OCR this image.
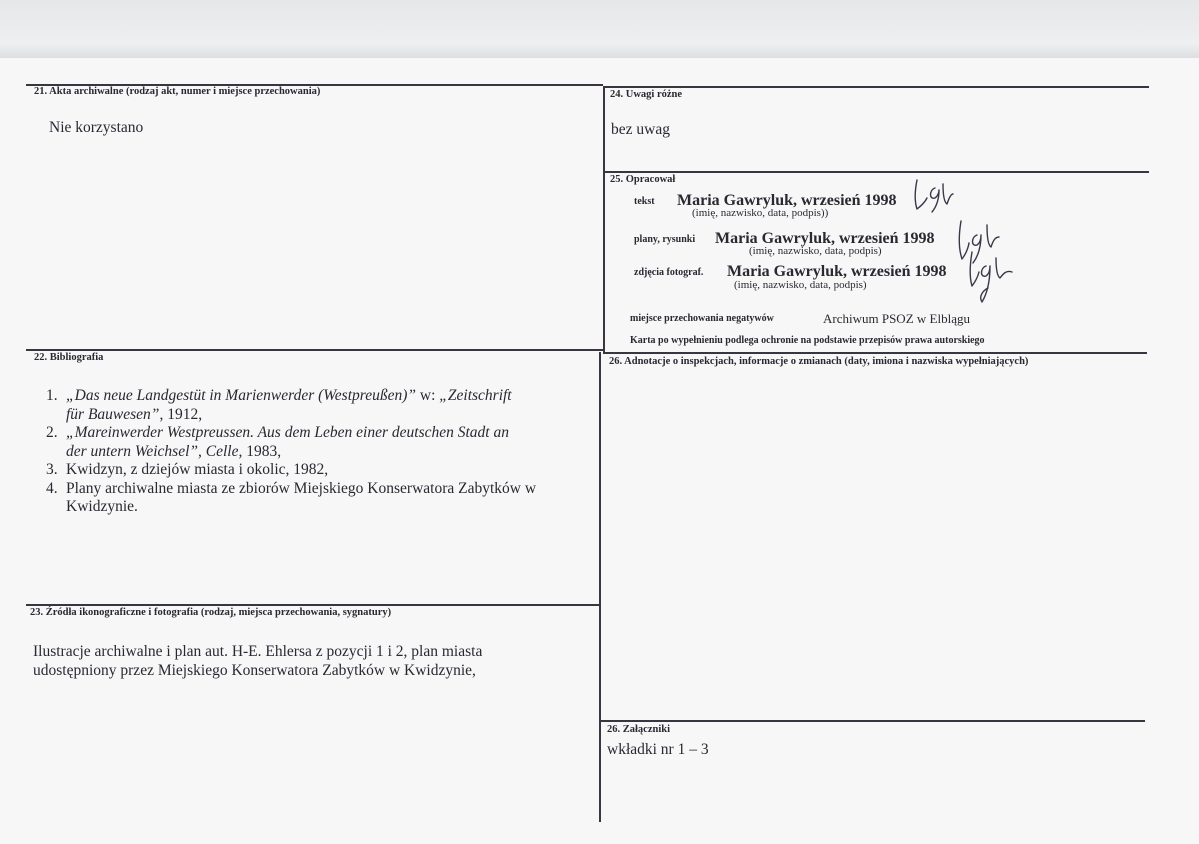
21. Akta archiwalne (rodzaj akt, numer i miejsce przechowania)
Nie korzystano
24. Uwagi różne
bez uwag
25. Opracował
tekst Maria Gawryluk, wrzesień 1998
(imię, nazwisko, data, podpis))
plany, rysunki Maria Gawryluk, wrzesień 1998
(imię, nazwisko, data, podpis)
zdjęcia fotograf. Maria Gawryluk, wrzesień 1998
(imię, nazwisko, data, podpis)
miejsce przechowania negatywów	Archiwum PSOZ w Elblągu
Karta po wypełnieniu podlega ochronie na podstawie przepisów prawa autorskiego
22. Bibliografia
1. „Das neue Landgestüt in Marienwerder (Westpreußen)” w: „Zeitschrift
für Bauwesen”, 1912,
2. „Mareinwerder Westpreussen. Aus dem Leben einer deutschen Stadt an
der untern Weichsel”, Celle, 1983,
3. Kwidzyn, z dziejów miasta i okolic, 1982,
4. Plany archiwalne miasta ze zbiorów Miejskiego Konserwatora Zabytków w
Kwidzynie.
26. Adnotacje o inspekcjach, informacje o zmianach (daty, imiona i nazwiska wypełniających)
23. Źródła ikonograficzne i fotografia (rodzaj, miejsca przechowania, sygnatury)
Ilustracje archiwalne i plan aut. H-E. Ehlersa z pozycji 1 i 2, plan miasta
udostępniony przez Miejskiego Konserwatora Zabytków w Kwidzynie,
26. Załączniki
wkładki nr 1 – 3
